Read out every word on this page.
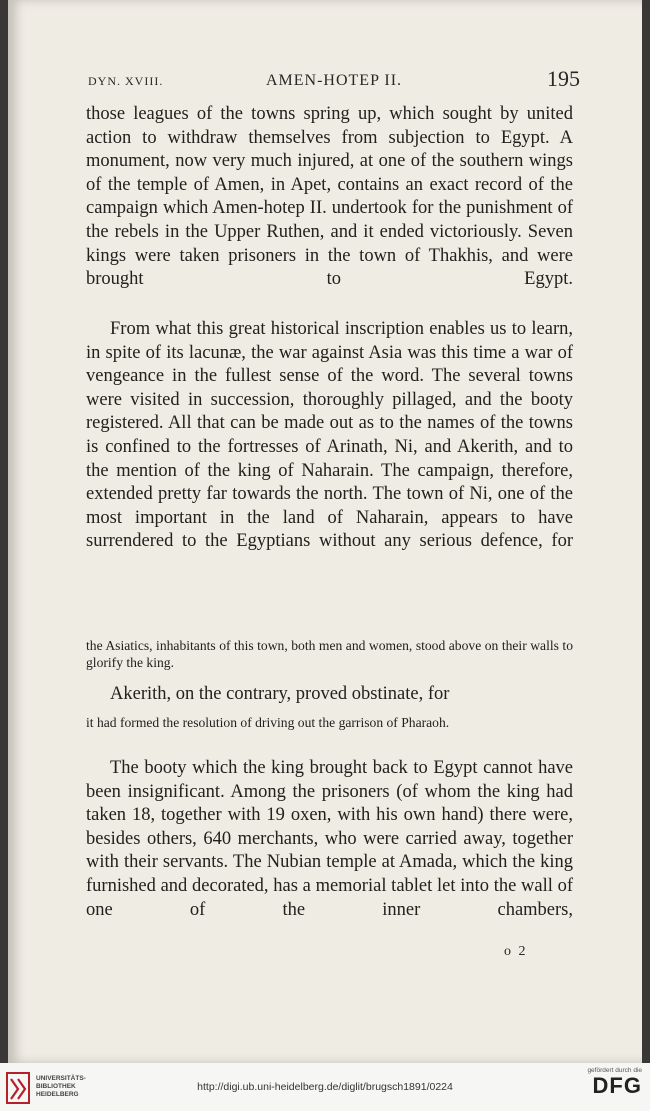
DYN. XVIII.	AMEN-HOTEP II.	195

those leagues of the towns spring up, which sought by united action to withdraw themselves from subjection to Egypt. A monument, now very much injured, at one of the southern wings of the temple of Amen, in Apet, contains an exact record of the campaign which Amen-hotep II. undertook for the punishment of the rebels in the Upper Ruthen, and it ended victoriously. Seven kings were taken prisoners in the town of Thakhis, and were brought to Egypt.

From what this great historical inscription enables us to learn, in spite of its lacunæ, the war against Asia was this time a war of vengeance in the fullest sense of the word. The several towns were visited in succession, thoroughly pillaged, and the booty registered. All that can be made out as to the names of the towns is confined to the fortresses of Arinath, Ni, and Akerith, and to the mention of the king of Naharain. The campaign, therefore, extended pretty far towards the north. The town of Ni, one of the most important in the land of Naharain, appears to have surrendered to the Egyptians without any serious defence, for

the Asiatics, inhabitants of this town, both men and women, stood above on their walls to glorify the king.

Akerith, on the contrary, proved obstinate, for

it had formed the resolution of driving out the garrison of Pharaoh.

The booty which the king brought back to Egypt cannot have been insignificant. Among the prisoners (of whom the king had taken 18, together with 19 oxen, with his own hand) there were, besides others, 640 merchants, who were carried away, together with their servants. The Nubian temple at Amada, which the king furnished and decorated, has a memorial tablet let into the wall of one of the inner chambers,

o 2
UNIVERSITÄTS-
BIBLIOTHEK
HEIDELBERG
http://digi.ub.uni-heidelberg.de/diglit/brugsch1891/0224
gefördert durch die
DFG
